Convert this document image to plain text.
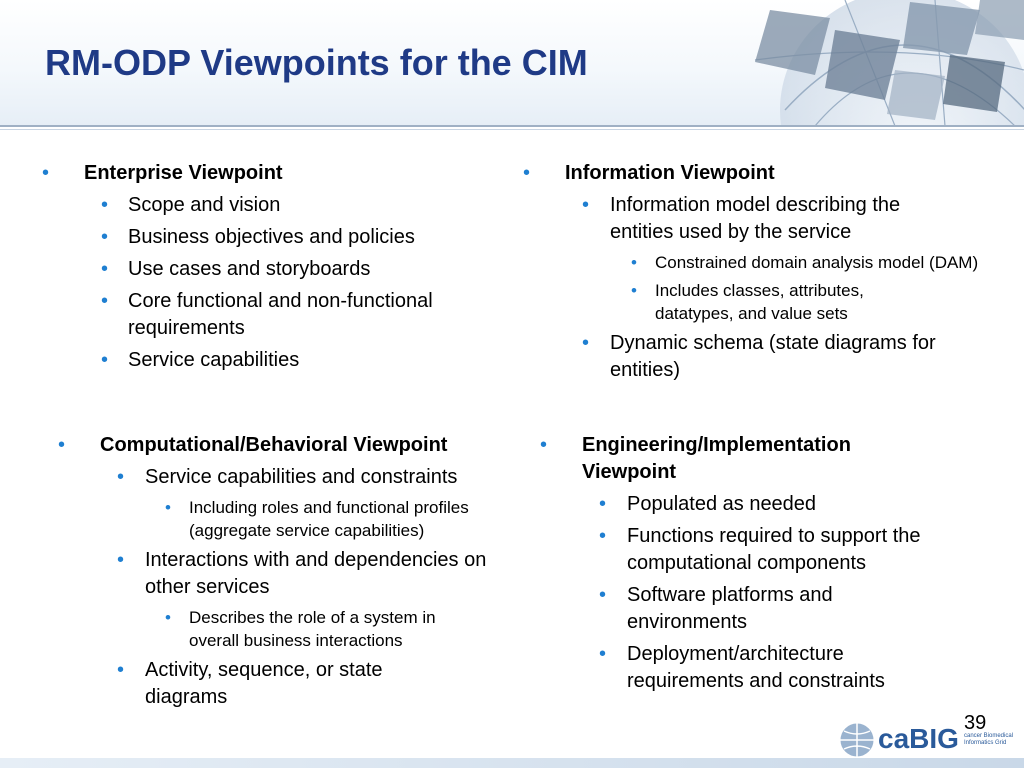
RM-ODP Viewpoints for the CIM
• Enterprise Viewpoint
• Scope and vision
• Business objectives and policies
• Use cases and storyboards
• Core functional and non-functional requirements
• Service capabilities
• Information Viewpoint
• Information model describing the entities used by the service
• Constrained domain analysis model (DAM)
• Includes classes, attributes, datatypes, and value sets
• Dynamic schema (state diagrams for entities)
• Computational/Behavioral Viewpoint
• Service capabilities and constraints
• Including roles and functional profiles (aggregate service capabilities)
• Interactions with and dependencies on other services
• Describes the role of a system in overall business interactions
• Activity, sequence, or state diagrams
• Engineering/Implementation Viewpoint
• Populated as needed
• Functions required to support the computational components
• Software platforms and environments
• Deployment/architecture requirements and constraints
39
caBIG cancer Biomedical Informatics Grid
